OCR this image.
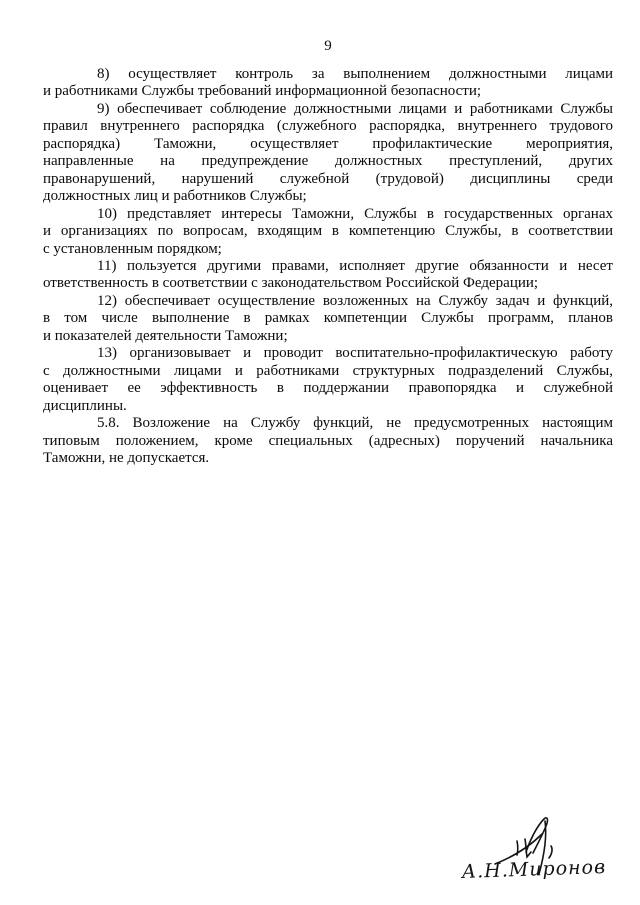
9

8) осуществляет контроль за выполнением должностными лицами
и работниками Службы требований информационной безопасности;

9) обеспечивает соблюдение должностными лицами и работниками Службы
правил внутреннего распорядка (служебного распорядка, внутреннего трудового
распорядка) Таможни, осуществляет профилактические мероприятия,
направленные на предупреждение должностных преступлений, других
правонарушений, нарушений служебной (трудовой) дисциплины среди
должностных лиц и работников Службы;

10) представляет интересы Таможни, Службы в государственных органах
и организациях по вопросам, входящим в компетенцию Службы, в соответствии
с установленным порядком;

11) пользуется другими правами, исполняет другие обязанности и несет
ответственность в соответствии с законодательством Российской Федерации;

12) обеспечивает осуществление возложенных на Службу задач и функций,
в том числе выполнение в рамках компетенции Службы программ, планов
и показателей деятельности Таможни;

13) организовывает и проводит воспитательно-профилактическую работу
с должностными лицами и работниками структурных подразделений Службы,
оценивает ее эффективность в поддержании правопорядка и служебной
дисциплины.

5.8. Возложение на Службу функций, не предусмотренных настоящим
типовым положением, кроме специальных (адресных) поручений начальника
Таможни, не допускается.

А.Н.Миронов
